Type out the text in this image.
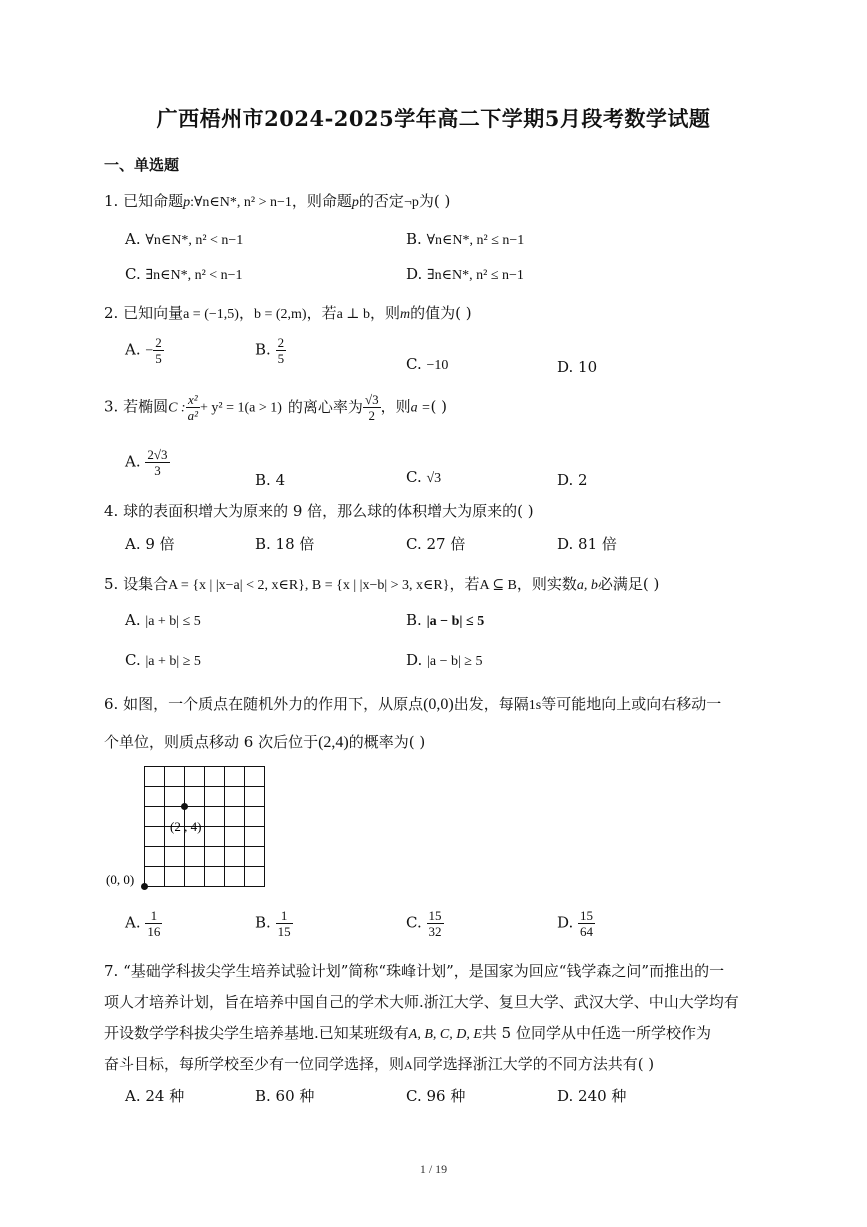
广西梧州市2024-2025学年高二下学期5月段考数学试题
一、单选题
1. 已知命题p:∀n∈N*, n² > n−1，则命题p的否定¬p为( )
A. ∀n∈N*, n² < n−1	B. ∀n∈N*, n² ≤ n−1
C. ∃n∈N*, n² < n−1	D. ∃n∈N*, n² ≤ n−1
2. 已知向量a = (−1,5)，b = (2,m)，若a ⊥ b，则m的值为( )
A. − $\frac{2}{5}$	B. $\frac{2}{5}$	C. −10	D. 10
3. 若椭圆C : $\frac{\text{x²}}{\text{a²}} + y^2 = 1(a > 1)$ 的离心率为 $\frac{√3}{2}$ ，则a =( )
A. $\frac{2√3}{3}$
B. 4	C. √3	D. 2
4. 球的表面积增大为原来的 9 倍，那么球的体积增大为原来的( )
A. 9 倍	B. 18 倍	C. 27 倍	D. 81 倍
5. 设集合A = {x | |x−a| < 2, x∈R}, B = {x | |x−b| > 3, x∈R}，若A ⊆ B，则实数a, b必满足( )
A. |a + b| ≤ 5	B. |a − b| ≤ 5
C. |a + b| ≥ 5	D. |a − b| ≥ 5
6. 如图，一个质点在随机外力的作用下，从原点(0,0)出发，每隔1s等可能地向上或向右移动一
个单位，则质点移动 6 次后位于(2,4)的概率为( )
(0, 0)
(2 , 4)
A. $\frac{1}{16}$	B. $\frac{1}{15}$	C. $\frac{15}{32}$	D. $\frac{15}{64}$
7. “基础学科拔尖学生培养试验计划”简称“珠峰计划”，是国家为回应“钱学森之问”而推出的一
项人才培养计划，旨在培养中国自己的学术大师.浙江大学、复旦大学、武汉大学、中山大学均有
开设数学学科拔尖学生培养基地.已知某班级有A, B, C, D, E共 5 位同学从中任选一所学校作为
奋斗目标，每所学校至少有一位同学选择，则A同学选择浙江大学的不同方法共有( )
A. 24 种	B. 60 种	C. 96 种	D. 240 种
1 / 19
